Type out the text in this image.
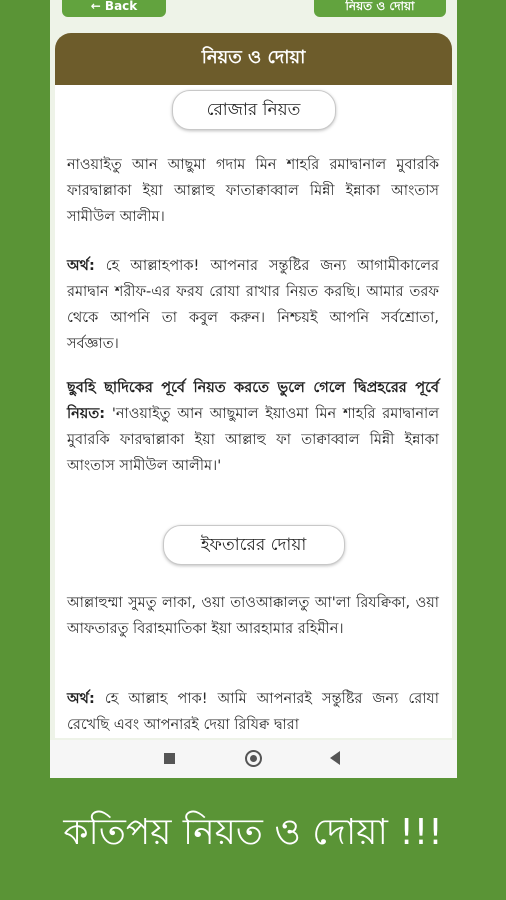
← Back	নিয়ত ও দোয়া
নিয়ত ও দোয়া
রোজার নিয়ত

নাওয়াইতু আন আছুমা গদাম মিন শাহরি রমাদ্বানাল মুবারকি ফারদ্বাল্লাকা ইয়া আল্লাহু ফাতাক্বাব্বাল মিন্নী ইন্নাকা আংতাস সামীউল আলীম।

অর্থ: হে আল্লাহপাক! আপনার সন্তুষ্টির জন্য আগামীকালের রমাদ্বান শরীফ-এর ফরয রোযা রাখার নিয়ত করছি। আমার তরফ থেকে আপনি তা কবুল করুন। নিশ্চয়ই আপনি সর্বশ্রোতা, সর্বজ্ঞাত।

ছুবহি ছাদিকের পূর্বে নিয়ত করতে ভুলে গেলে দ্বিপ্রহরের পূর্বে নিয়ত: 'নাওয়াইতু আন আছুমাল ইয়াওমা মিন শাহরি রমাদ্বানাল মুবারকি ফারদ্বাল্লাকা ইয়া আল্লাহু ফা তাক্বাব্বাল মিন্নী ইন্নাকা আংতাস সামীউল আলীম।'

ইফতারের দোয়া

আল্লাহুম্মা সুমতু লাকা, ওয়া তাওআক্কালতু আ'লা রিযক্বিকা, ওয়া আফতারতু বিরাহমাতিকা ইয়া আরহামার রহিমীন।

অর্থ: হে আল্লাহ পাক! আমি আপনারই সন্তুষ্টির জন্য রোযা রেখেছি এবং আপনারই দেয়া রিযিক্ব দ্বারা

কতিপয় নিয়ত ও দোয়া !!!
